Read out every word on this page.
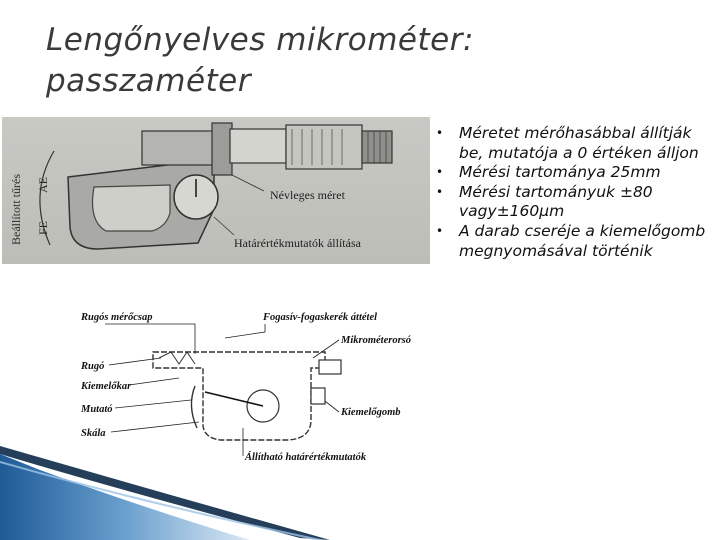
Lengőnyelves mikrométer:
passzaméter
Beállított tűrés AE
FE
Névleges méret
Határértékmutatók állítása
Rugós mérőcsap	Fogasív-fogaskerék áttétel
Mikrométerorsó
Rugó
Kiemelőkar
Mutató	Kiemelőgomb
Skála
Állítható határértékmutatók
• Méretet mérőhasábbal állítják be, mutatója a 0 értéken álljon
• Mérési tartománya 25mm
• Mérési tartományuk ±80 vagy±160µm
• A darab cseréje a kiemelőgomb megnyomásával történik
